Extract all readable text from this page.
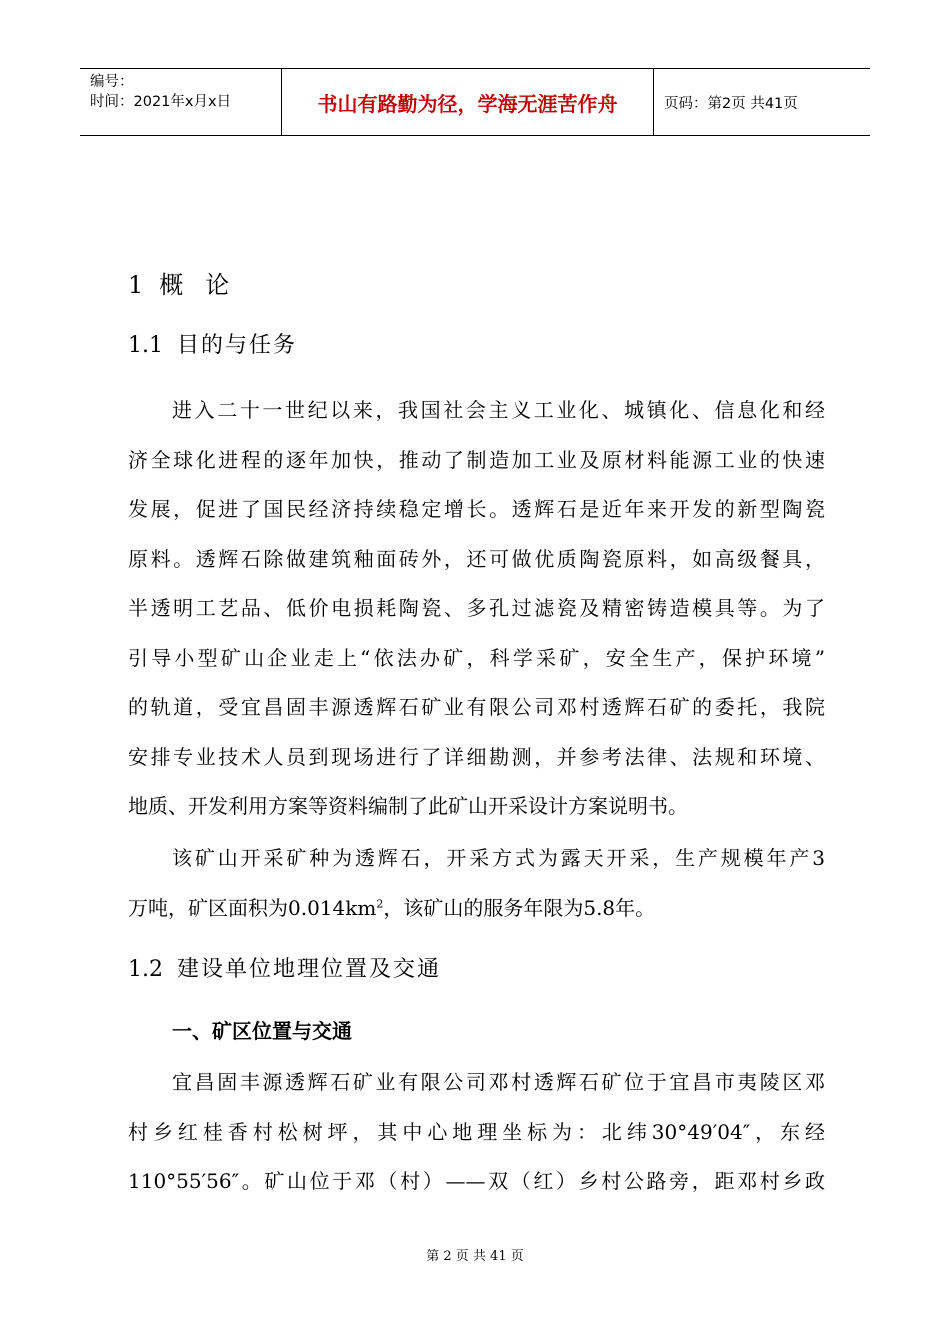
编号：
时间：2021年x月x日	书山有路勤为径，学海无涯苦作舟	页码：第2页 共41页
1 概论
1.1 目的与任务
进入二十一世纪以来，我国社会主义工业化、城镇化、信息化和经
济全球化进程的逐年加快，推动了制造加工业及原材料能源工业的快速
发展，促进了国民经济持续稳定增长。透辉石是近年来开发的新型陶瓷
原料。透辉石除做建筑釉面砖外，还可做优质陶瓷原料，如高级餐具，
半透明工艺品、低价电损耗陶瓷、多孔过滤瓷及精密铸造模具等。为了
引导小型矿山企业走上“依法办矿，科学采矿，安全生产，保护环境”
的轨道，受宜昌固丰源透辉石矿业有限公司邓村透辉石矿的委托，我院
安排专业技术人员到现场进行了详细勘测，并参考法律、法规和环境、
地质、开发利用方案等资料编制了此矿山开采设计方案说明书。
该矿山开采矿种为透辉石，开采方式为露天开采，生产规模年产3
万吨，矿区面积为$0.014km^2$，该矿山的服务年限为5.8年。
1.2 建设单位地理位置及交通
一、矿区位置与交通
宜昌固丰源透辉石矿业有限公司邓村透辉石矿位于宜昌市夷陵区邓
村乡红桂香村松树坪，其中心地理坐标为：北纬30°49′04″，东经
110°55′56″。矿山位于邓（村）——双（红）乡村公路旁，距邓村乡政
第 2 页 共 41 页
